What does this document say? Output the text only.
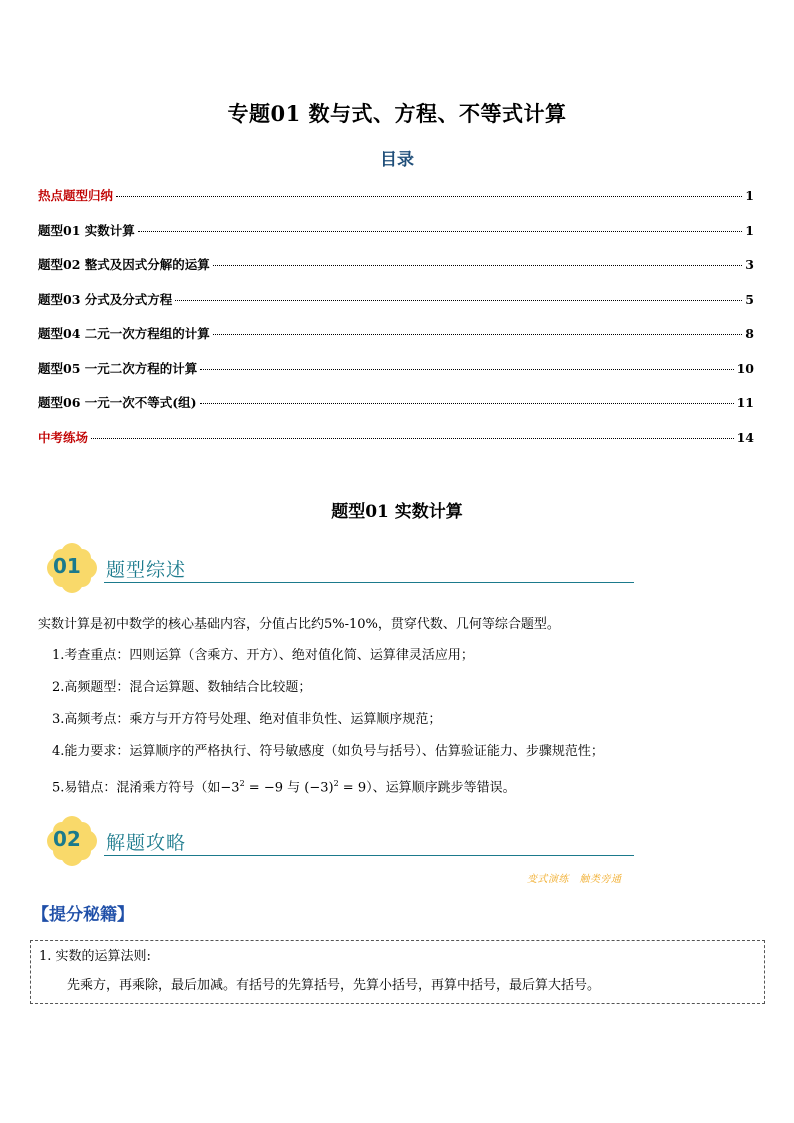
专题01 数与式、方程、不等式计算
目录
热点题型归纳	1
题型01 实数计算	1
题型02 整式及因式分解的运算	3
题型03 分式及分式方程	5
题型04 二元一次方程组的计算	8
题型05 一元二次方程的计算	10
题型06 一元一次不等式(组)	11
中考练场	14
题型01 实数计算
01 题型综述
实数计算是初中数学的核心基础内容，分值占比约5%-10%，贯穿代数、几何等综合题型。
1.考查重点：四则运算（含乘方、开方）、绝对值化简、运算律灵活应用；
2.高频题型：混合运算题、数轴结合比较题；
3.高频考点：乘方与开方符号处理、绝对值非负性、运算顺序规范；
4.能力要求：运算顺序的严格执行、符号敏感度（如负号与括号）、估算验证能力、步骤规范性；
5.易错点：混淆乘方符号（如$-3^2 = -9$ 与 $(-3)^2 = 9$）、运算顺序跳步等错误。
02 解题攻略
变式演练　触类旁通
【提分秘籍】
1. 实数的运算法则:
先乘方，再乘除，最后加减。有括号的先算括号，先算小括号，再算中括号，最后算大括号。
